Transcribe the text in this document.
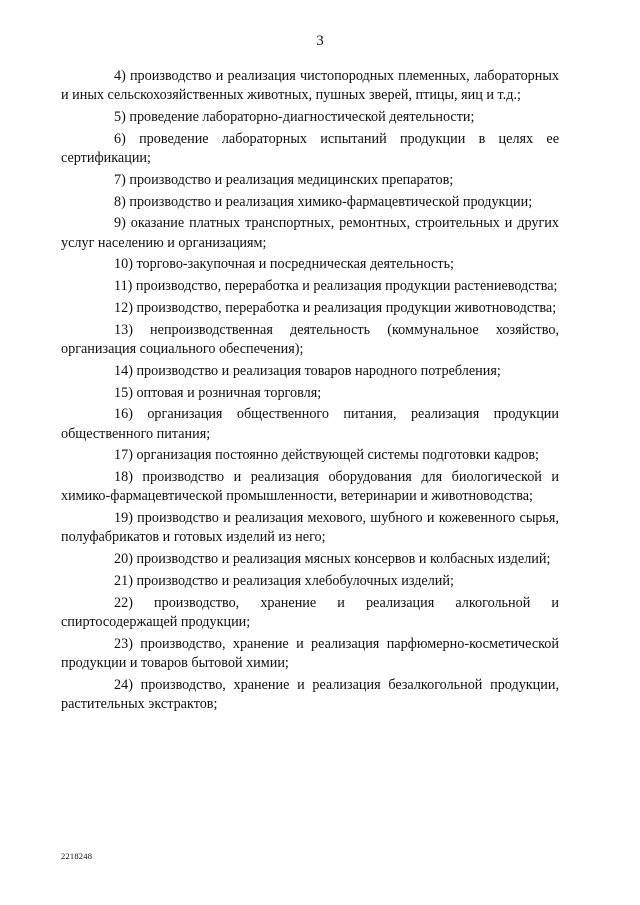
3

4) производство и реализация чистопородных племенных, лабораторных и иных сельскохозяйственных животных, пушных зверей, птицы, яиц и т.д.;

5) проведение лабораторно-диагностической деятельности;

6) проведение лабораторных испытаний продукции в целях ее сертификации;

7) производство и реализация медицинских препаратов;

8) производство и реализация химико-фармацевтической продукции;

9) оказание платных транспортных, ремонтных, строительных и других услуг населению и организациям;

10) торгово-закупочная и посредническая деятельность;

11) производство, переработка и реализация продукции растениеводства;

12) производство, переработка и реализация продукции животноводства;

13) непроизводственная деятельность (коммунальное хозяйство, организация социального обеспечения);

14) производство и реализация товаров народного потребления;

15) оптовая и розничная торговля;

16) организация общественного питания, реализация продукции общественного питания;

17) организация постоянно действующей системы подготовки кадров;

18) производство и реализация оборудования для биологической и химико-фармацевтической промышленности, ветеринарии и животноводства;

19) производство и реализация мехового, шубного и кожевенного сырья, полуфабрикатов и готовых изделий из него;

20) производство и реализация мясных консервов и колбасных изделий;

21) производство и реализация хлебобулочных изделий;

22) производство, хранение и реализация алкогольной и спиртосодержащей продукции;

23) производство, хранение и реализация парфюмерно-косметической продукции и товаров бытовой химии;

24) производство, хранение и реализация безалкогольной продукции, растительных экстрактов;

2218248
